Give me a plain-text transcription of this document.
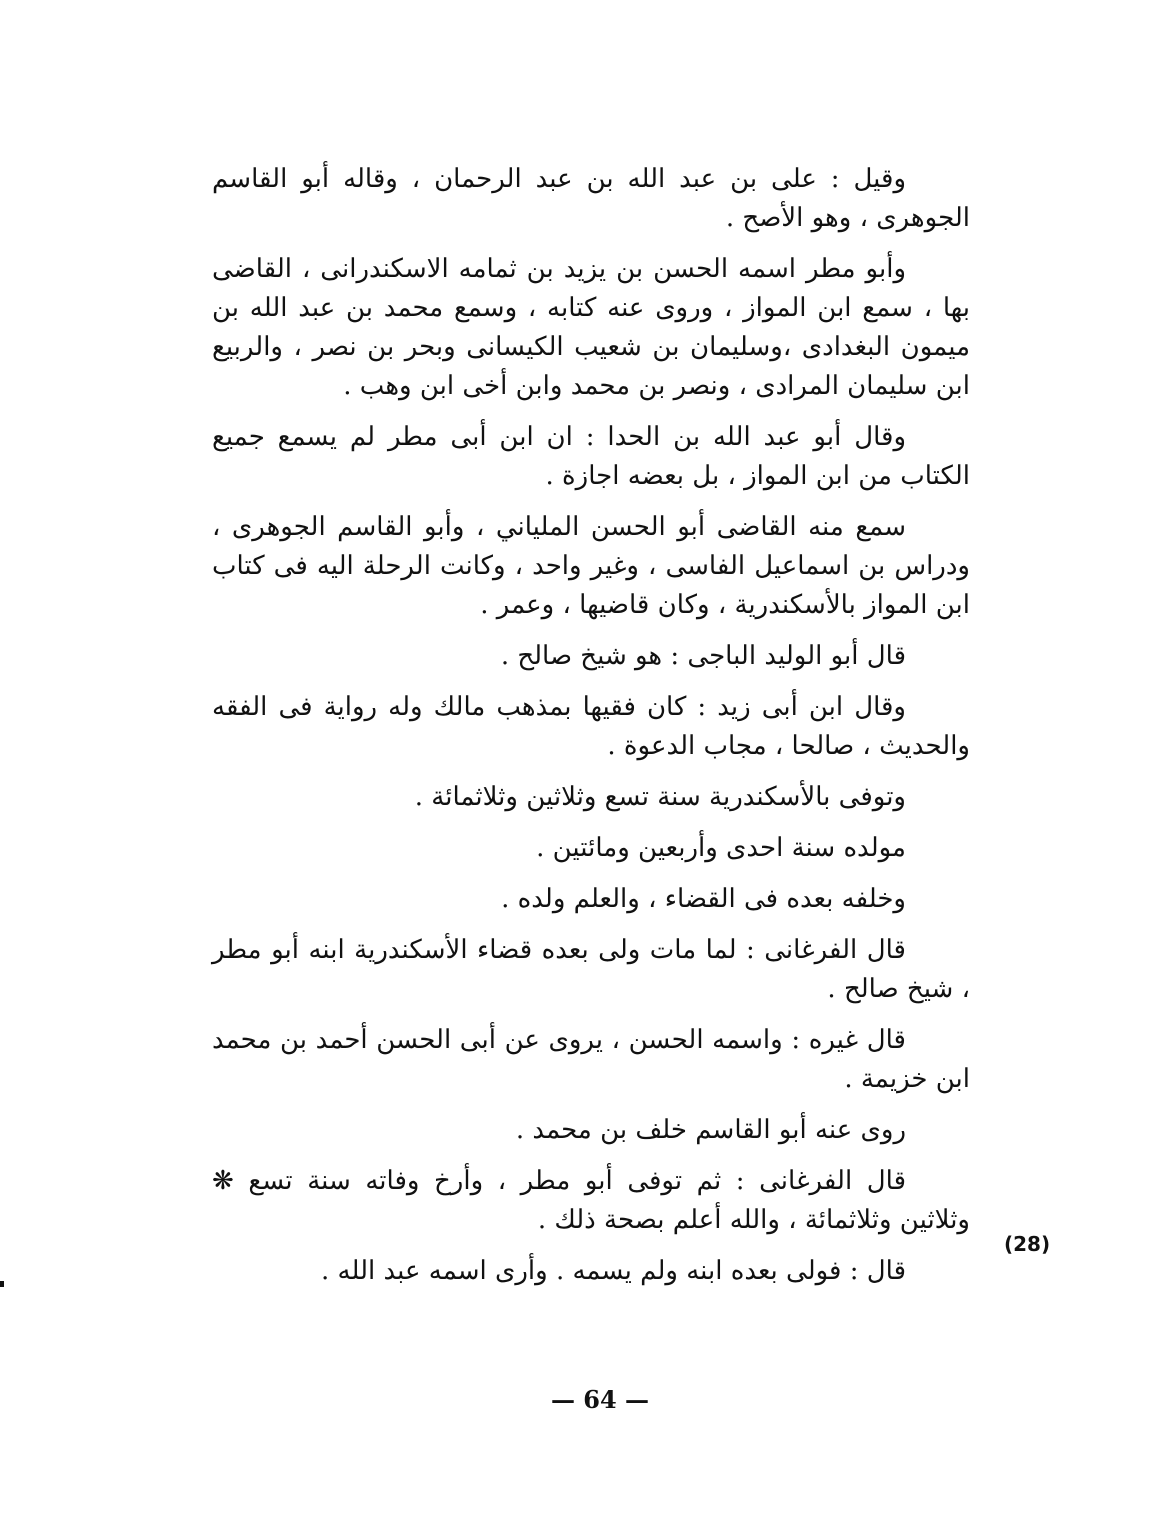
وقيل : على بن عبد الله بن عبد الرحمان ، وقاله أبو القاسم الجوهرى ، وهو الأصح .

وأبو مطر اسمه الحسن بن يزيد بن ثمامه الاسكندرانى ، القاضى بها ، سمع ابن المواز ، وروى عنه كتابه ، وسمع محمد بن عبد الله بن ميمون البغدادى ،وسليمان بن شعيب الكيسانى وبحر بن نصر ، والربيع ابن سليمان المرادى ، ونصر بن محمد وابن أخى ابن وهب .

وقال أبو عبد الله بن الحدا : ان ابن أبى مطر لم يسمع جميع الكتاب من ابن المواز ، بل بعضه اجازة .

سمع منه القاضى أبو الحسن الملياني ، وأبو القاسم الجوهرى ، ودراس بن اسماعيل الفاسى ، وغير واحد ، وكانت الرحلة اليه فى كتاب ابن المواز بالأسكندرية ، وكان قاضيها ، وعمر .

قال أبو الوليد الباجى : هو شيخ صالح .

وقال ابن أبى زيد : كان فقيها بمذهب مالك وله رواية فى الفقه والحديث ، صالحا ، مجاب الدعوة .

وتوفى بالأسكندرية سنة تسع وثلاثين وثلاثمائة .

مولده سنة احدى وأربعين ومائتين .

وخلفه بعده فى القضاء ، والعلم ولده .

قال الفرغانى : لما مات ولى بعده قضاء الأسكندرية ابنه أبو مطر ، شيخ صالح .

قال غيره : واسمه الحسن ، يروى عن أبى الحسن أحمد بن محمد ابن خزيمة .

روى عنه أبو القاسم خلف بن محمد .

قال الفرغانى : ثم توفى أبو مطر ، وأرخ وفاته سنة تسع ❋ وثلاثين وثلاثمائة ، والله أعلم بصحة ذلك .

قال : فولى بعده ابنه ولم يسمه . وأرى اسمه عبد الله .

(28)
— 64 —
